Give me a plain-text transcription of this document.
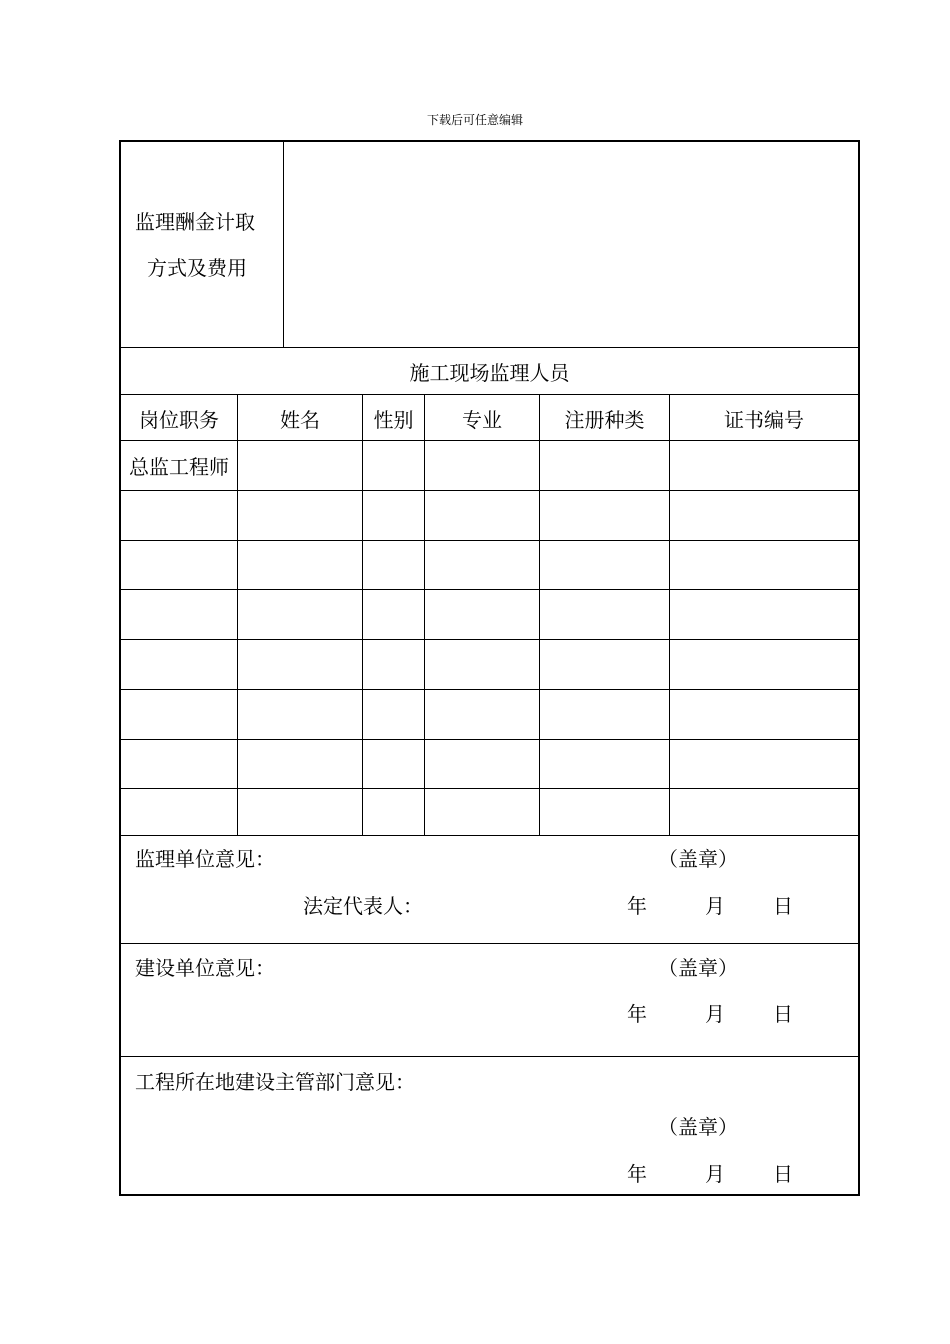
下载后可任意编辑
监理酬金计取
方式及费用
施工现场监理人员
岗位职务	姓名	性别	专业	注册种类	证书编号
总监工程师
监理单位意见：	（盖章）
法定代表人：	年	月 日
建设单位意见：	（盖章）
年	月 日
工程所在地建设主管部门意见：
（盖章）
年	月 日
